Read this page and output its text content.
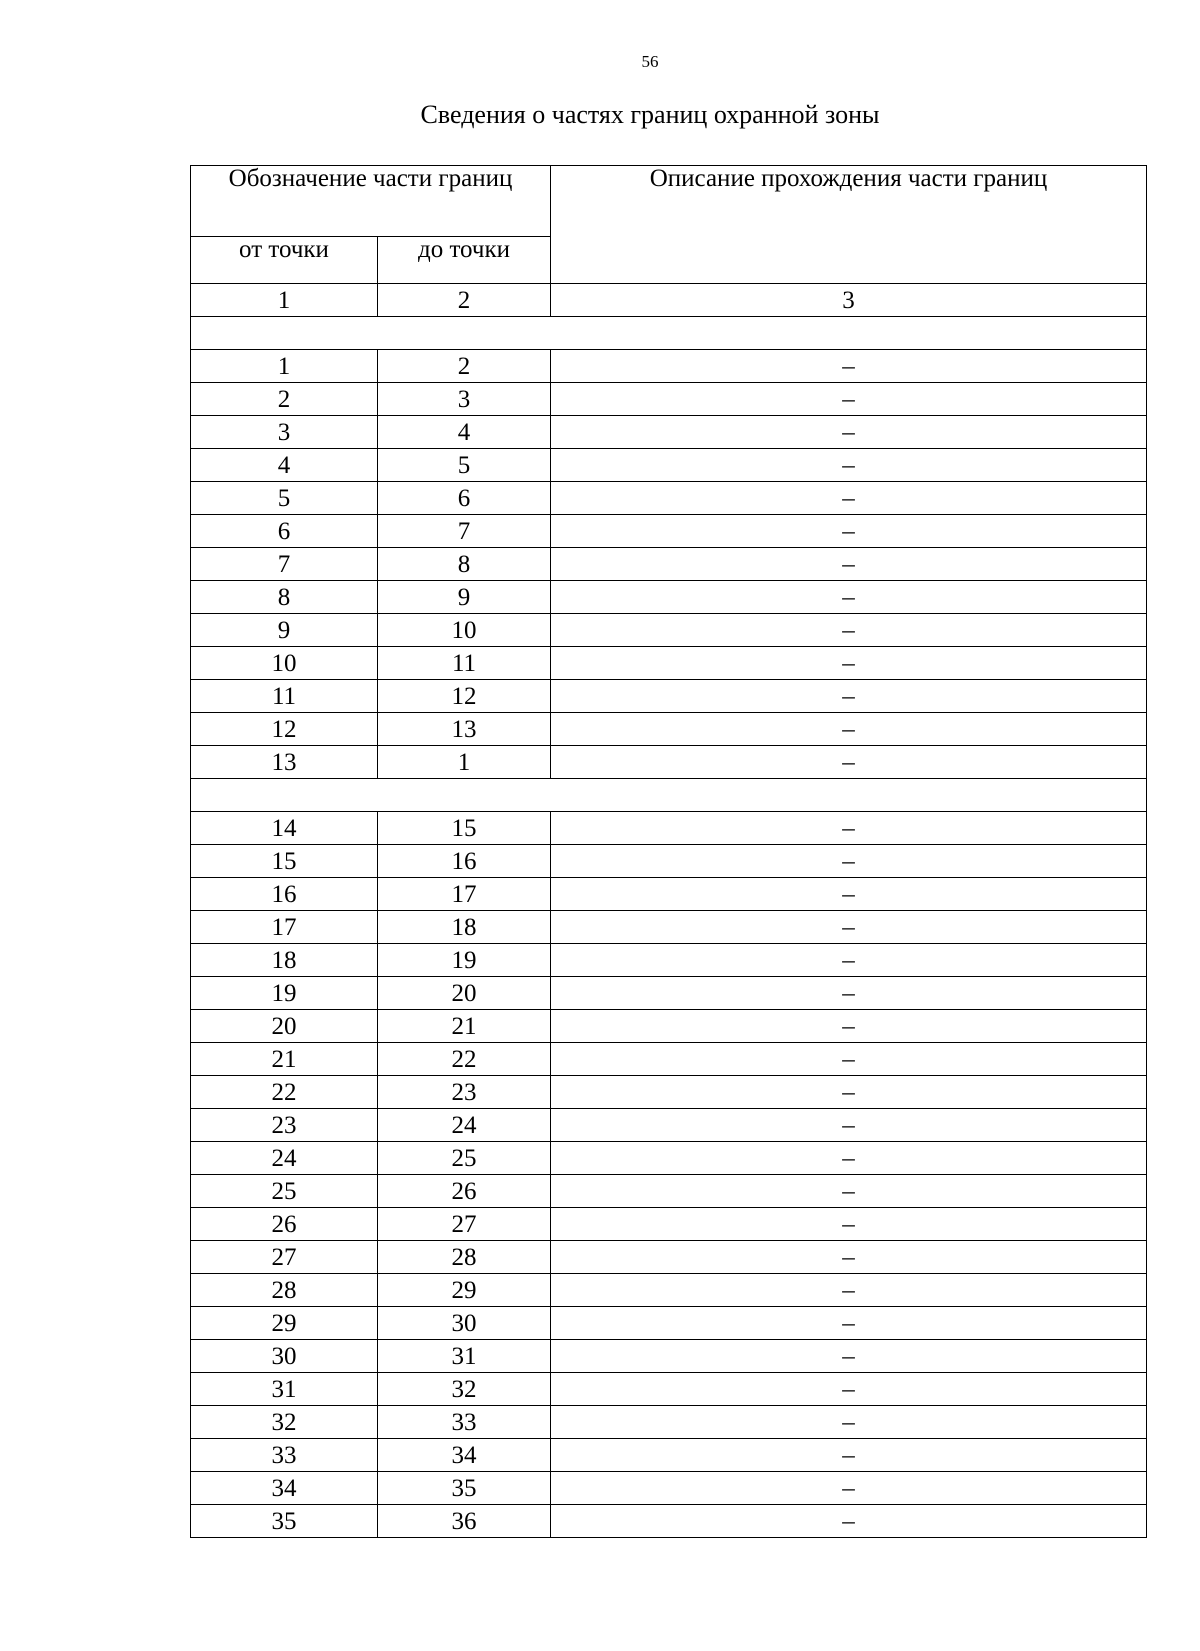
56
Сведения о частях границ охранной зоны
Обозначение части границ		Описание прохождения части границ
от точки	до точки	
1	2	3

1	2	–
2	3	–
3	4	–
4	5	–
5	6	–
6	7	–
7	8	–
8	9	–
9	10	–
10	11	–
11	12	–
12	13	–
13	1	–

14	15	–
15	16	–
16	17	–
17	18	–
18	19	–
19	20	–
20	21	–
21	22	–
22	23	–
23	24	–
24	25	–
25	26	–
26	27	–
27	28	–
28	29	–
29	30	–
30	31	–
31	32	–
32	33	–
33	34	–
34	35	–
35	36	–
